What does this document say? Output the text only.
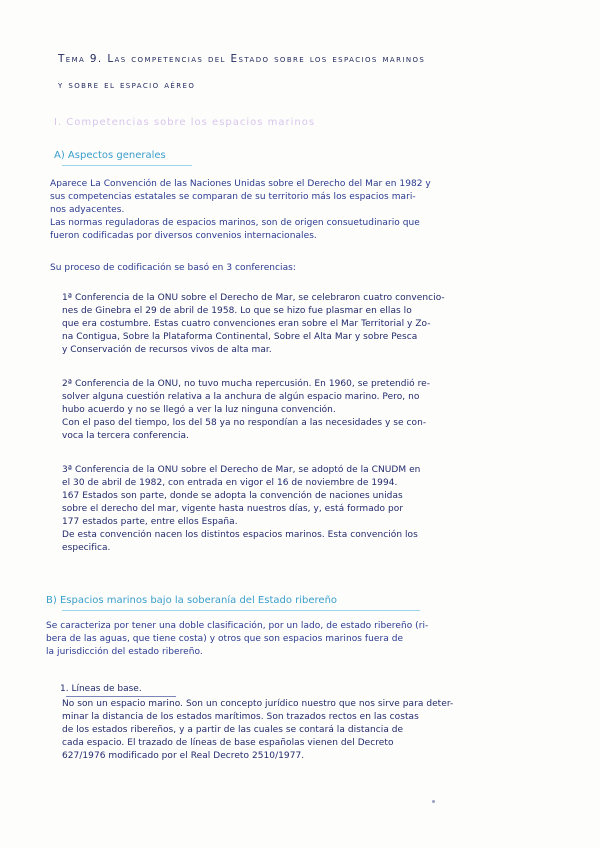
Tema 9. Las competencias del Estado sobre los espacios marinos
y sobre el espacio aéreo
I. Competencias sobre los espacios marinos
A) Aspectos generales
Aparece La Convención de las Naciones Unidas sobre el Derecho del Mar en 1982 y
sus competencias estatales se comparan de su territorio más los espacios mari-
nos adyacentes.
Las normas reguladoras de espacios marinos, son de origen consuetudinario que
fueron codificadas por diversos convenios internacionales.
Su proceso de codificación se basó en 3 conferencias:
1ª Conferencia de la ONU sobre el Derecho de Mar, se celebraron cuatro convencio-
nes de Ginebra el 29 de abril de 1958. Lo que se hizo fue plasmar en ellas lo
que era costumbre. Estas cuatro convenciones eran sobre el Mar Territorial y Zo-
na Contigua, Sobre la Plataforma Continental, Sobre el Alta Mar y sobre Pesca
y Conservación de recursos vivos de alta mar.
2ª Conferencia de la ONU, no tuvo mucha repercusión. En 1960, se pretendió re-
solver alguna cuestión relativa a la anchura de algún espacio marino. Pero, no
hubo acuerdo y no se llegó a ver la luz ninguna convención.
Con el paso del tiempo, los del 58 ya no respondían a las necesidades y se con-
voca la tercera conferencia.
3ª Conferencia de la ONU sobre el Derecho de Mar, se adoptó de la CNUDM en
el 30 de abril de 1982, con entrada en vigor el 16 de noviembre de 1994.
167 Estados son parte, donde se adopta la convención de naciones unidas
sobre el derecho del mar, vigente hasta nuestros días, y, está formado por
177 estados parte, entre ellos España.
De esta convención nacen los distintos espacios marinos. Esta convención los
especifica.
B) Espacios marinos bajo la soberanía del Estado ribereño
Se caracteriza por tener una doble clasificación, por un lado, de estado ribereño (ri-
bera de las aguas, que tiene costa) y otros que son espacios marinos fuera de
la jurisdicción del estado ribereño.
1. Líneas de base.
No son un espacio marino. Son un concepto jurídico nuestro que nos sirve para deter-
minar la distancia de los estados marítimos. Son trazados rectos en las costas
de los estados ribereños, y a partir de las cuales se contará la distancia de
cada espacio. El trazado de líneas de base españolas vienen del Decreto
627/1976 modificado por el Real Decreto 2510/1977.
